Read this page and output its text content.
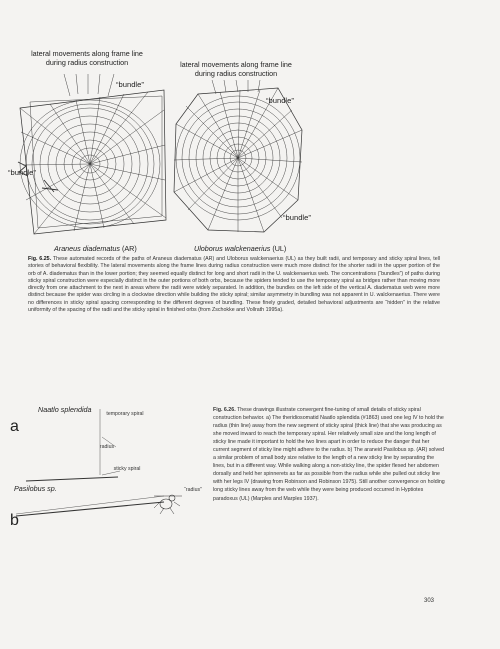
lateral movements along frame line during radius construction	lateral movements along frame line during radius construction
“bundle”
“bundle”
“bundle”
“bundle”
Araneus diadematus (AR)	Uloborus walckenaerius (UL)
Fig. 6.25. These automated records of the paths of Araneus diadematus (AR) and Uloborus walckenaerius (UL) as they built radii, and temporary and sticky spiral lines, tell stories of behavioral flexibility. The lateral movements along the frame lines during radius construction were much more distinct for the shorter radii in the upper portion of the orb of A. diadematus than in the lower portion; they seemed equally distinct for long and short radii in the U. walckenaerius web. The concentrations (“bundles”) of paths during sticky spiral construction were especially distinct in the outer portions of both orbs, because the spiders tended to use the temporary spiral as bridges rather than moving more directly from one attachment to the next in areas where the radii were widely separated. In addition, the bundles on the left side of the vertical A. diadematus web were more distinct because the spider was circling in a clockwise direction while building the sticky spiral; similar asymmetry in bundling was not apparent in U. walckenaerius. There were no differences in sticky spiral spacing corresponding to the different degrees of bundling. These finely graded, detailed behavioral adjustments are “hidden” in the relative uniformity of the spacing of the radii and the sticky spiral in finished orbs (from Zschokke and Vollrath 1995a).
Naatlo splendida
a
temporary spiral
radius
sticky spiral
Pasilobus sp.	“radius”
b
Fig. 6.26. These drawings illustrate convergent fine-tuning of small details of sticky spiral construction behavior. a) The theridiosomatid Naatlo splendida (#1863) used one leg IV to hold the radius (thin line) away from the new segment of sticky spiral (thick line) that she was producing as she moved inward to reach the temporary spiral. Her relatively small size and the long length of sticky line made it important to hold the two lines apart in order to reduce the danger that her current segment of sticky line might adhere to the radius. b) The araneid Pasilobus sp. (AR) solved a similar problem of small body size relative to the length of a new sticky line by separating the lines, but in a different way. While walking along a non-sticky line, the spider flexed her abdomen dorsally and held her spinnerets as far as possible from the radius while she pulled out sticky line with her legs IV (drawing from Robinson and Robinson 1975). Still another convergence on holding long sticky lines away from the web while they were being produced occurred in Hyptiotes paradoxus (UL) (Marples and Marples 1937).
303
